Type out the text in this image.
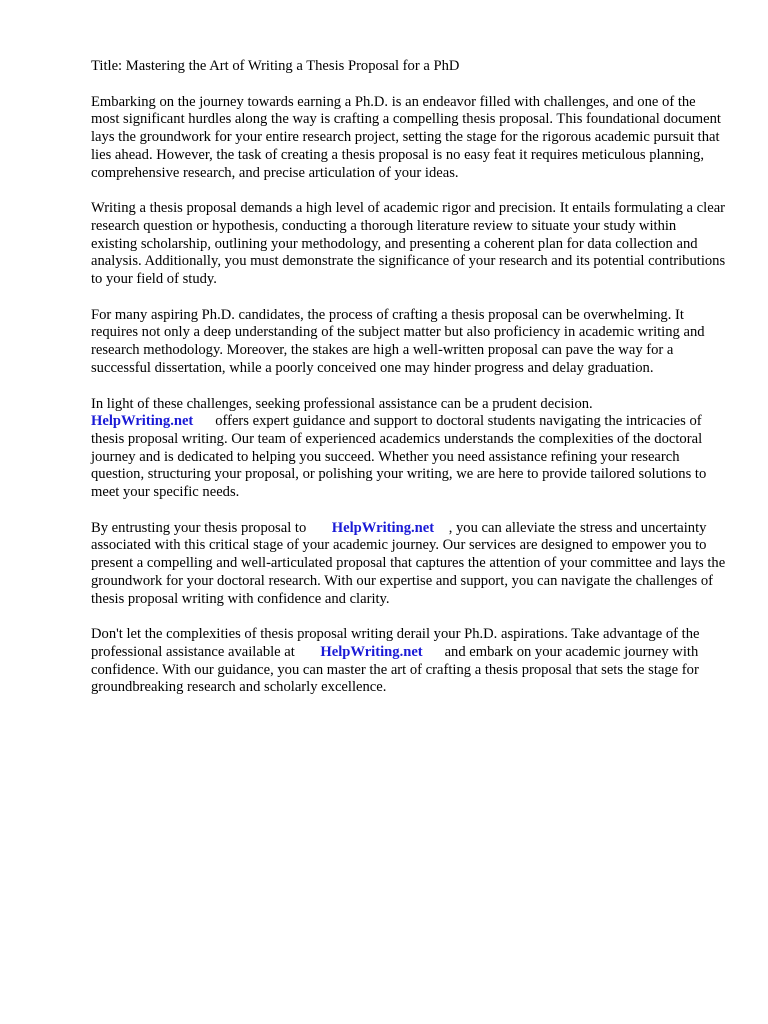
Title: Mastering the Art of Writing a Thesis Proposal for a PhD

Embarking on the journey towards earning a Ph.D. is an endeavor filled with challenges, and one of the most significant hurdles along the way is crafting a compelling thesis proposal. This foundational document lays the groundwork for your entire research project, setting the stage for the rigorous academic pursuit that lies ahead. However, the task of creating a thesis proposal is no easy feat it requires meticulous planning, comprehensive research, and precise articulation of your ideas.

Writing a thesis proposal demands a high level of academic rigor and precision. It entails formulating a clear research question or hypothesis, conducting a thorough literature review to situate your study within existing scholarship, outlining your methodology, and presenting a coherent plan for data collection and analysis. Additionally, you must demonstrate the significance of your research and its potential contributions to your field of study.

For many aspiring Ph.D. candidates, the process of crafting a thesis proposal can be overwhelming. It requires not only a deep understanding of the subject matter but also proficiency in academic writing and research methodology. Moreover, the stakes are high a well-written proposal can pave the way for a successful dissertation, while a poorly conceived one may hinder progress and delay graduation.

In light of these challenges, seeking professional assistance can be a prudent decision.
HelpWriting.net offers expert guidance and support to doctoral students navigating the intricacies of thesis proposal writing. Our team of experienced academics understands the complexities of the doctoral journey and is dedicated to helping you succeed. Whether you need assistance refining your research question, structuring your proposal, or polishing your writing, we are here to provide tailored solutions to meet your specific needs.

By entrusting your thesis proposal to HelpWriting.net , you can alleviate the stress and uncertainty associated with this critical stage of your academic journey. Our services are designed to empower you to present a compelling and well-articulated proposal that captures the attention of your committee and lays the groundwork for your doctoral research. With our expertise and support, you can navigate the challenges of thesis proposal writing with confidence and clarity.

Don't let the complexities of thesis proposal writing derail your Ph.D. aspirations. Take advantage of the professional assistance available at HelpWriting.net and embark on your academic journey with confidence. With our guidance, you can master the art of crafting a thesis proposal that sets the stage for groundbreaking research and scholarly excellence.
